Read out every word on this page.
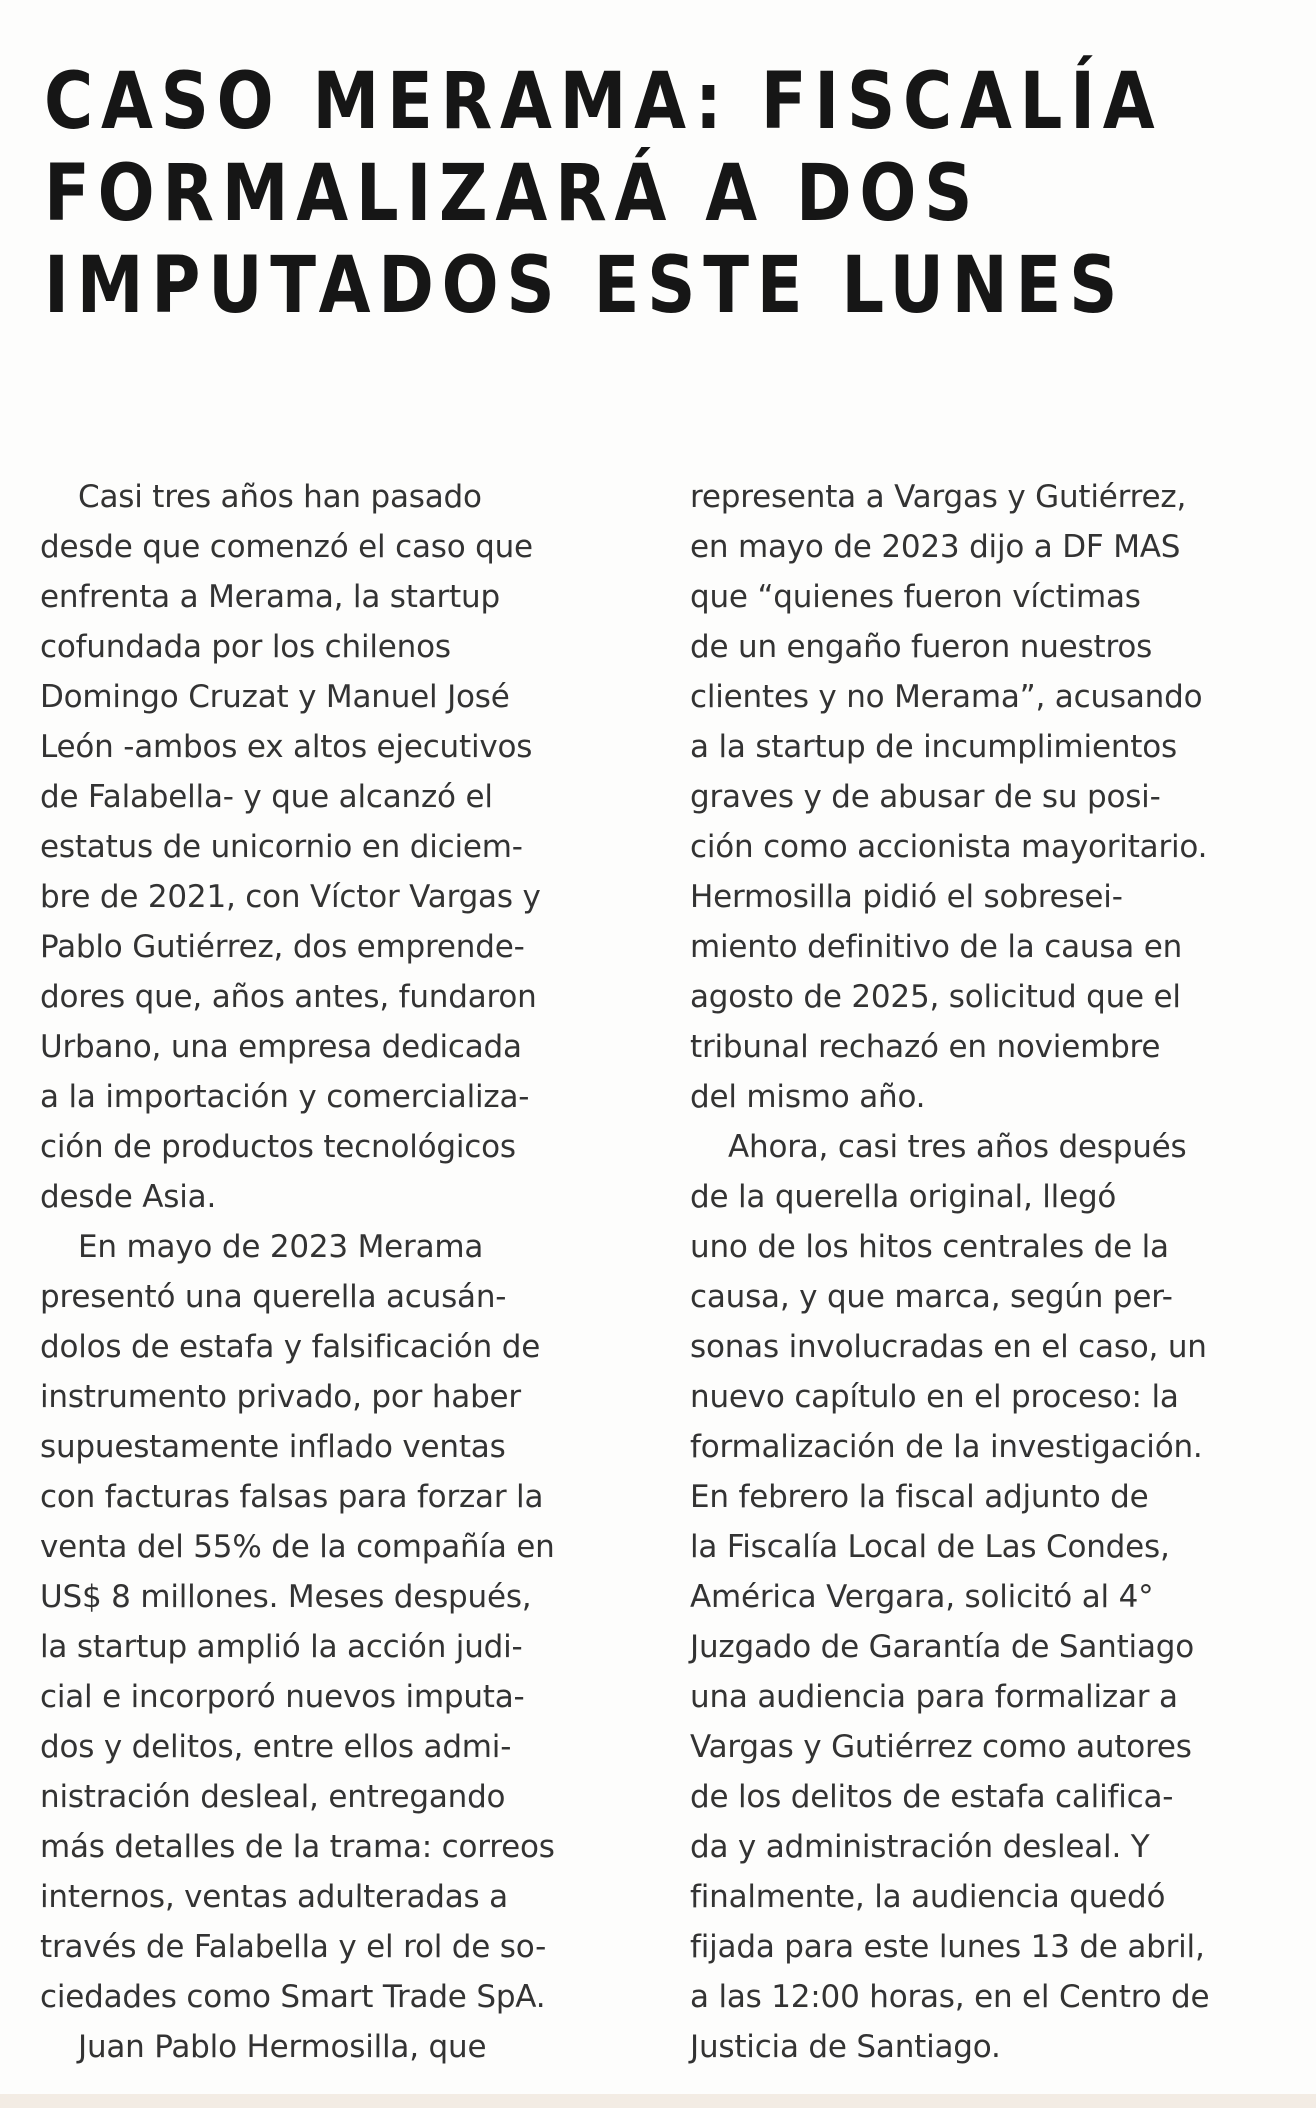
CASO MERAMA: FISCALÍA
FORMALIZARÁ A DOS
IMPUTADOS ESTE LUNES
Casi tres años han pasado
desde que comenzó el caso que
enfrenta a Merama, la startup
cofundada por los chilenos
Domingo Cruzat y Manuel José
León -ambos ex altos ejecutivos
de Falabella- y que alcanzó el
estatus de unicornio en diciem-
bre de 2021, con Víctor Vargas y
Pablo Gutiérrez, dos emprende-
dores que, años antes, fundaron
Urbano, una empresa dedicada
a la importación y comercializa-
ción de productos tecnológicos
desde Asia.
En mayo de 2023 Merama
presentó una querella acusán-
dolos de estafa y falsificación de
instrumento privado, por haber
supuestamente inflado ventas
con facturas falsas para forzar la
venta del 55% de la compañía en
US$ 8 millones. Meses después,
la startup amplió la acción judi-
cial e incorporó nuevos imputa-
dos y delitos, entre ellos admi-
nistración desleal, entregando
más detalles de la trama: correos
internos, ventas adulteradas a
través de Falabella y el rol de so-
ciedades como Smart Trade SpA.
Juan Pablo Hermosilla, que
representa a Vargas y Gutiérrez,
en mayo de 2023 dijo a DF MAS
que “quienes fueron víctimas
de un engaño fueron nuestros
clientes y no Merama”, acusando
a la startup de incumplimientos
graves y de abusar de su posi-
ción como accionista mayoritario.
Hermosilla pidió el sobresei-
miento definitivo de la causa en
agosto de 2025, solicitud que el
tribunal rechazó en noviembre
del mismo año.
Ahora, casi tres años después
de la querella original, llegó
uno de los hitos centrales de la
causa, y que marca, según per-
sonas involucradas en el caso, un
nuevo capítulo en el proceso: la
formalización de la investigación.
En febrero la fiscal adjunto de
la Fiscalía Local de Las Condes,
América Vergara, solicitó al 4°
Juzgado de Garantía de Santiago
una audiencia para formalizar a
Vargas y Gutiérrez como autores
de los delitos de estafa califica-
da y administración desleal. Y
finalmente, la audiencia quedó
fijada para este lunes 13 de abril,
a las 12:00 horas, en el Centro de
Justicia de Santiago.
